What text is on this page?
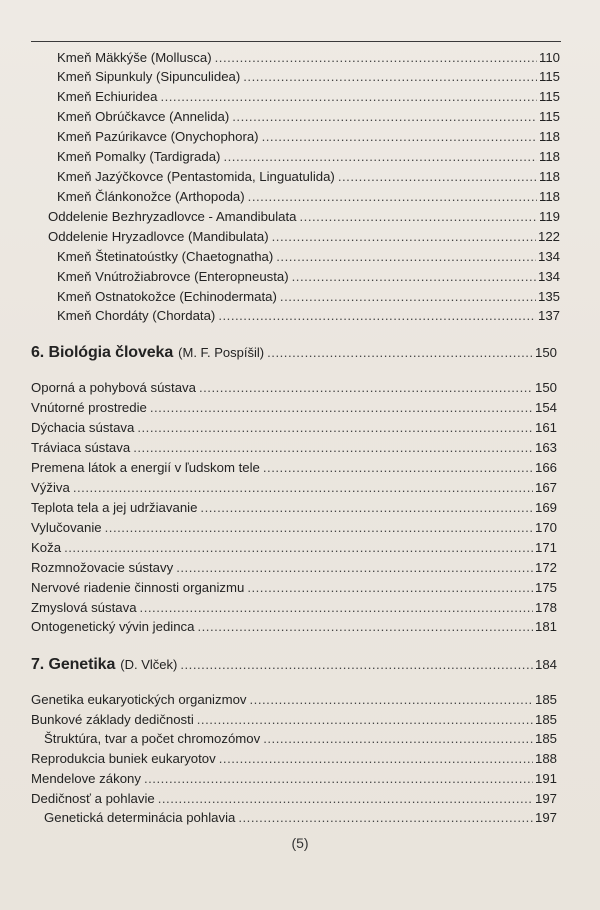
Kmeň Mäkkýše (Mollusca) .....	110
Kmeň Sipunkuly (Sipunculidea) .....	115
Kmeň Echiuridea .....	115
Kmeň Obrúčkavce (Annelida) .....	115
Kmeň Pazúrikavce (Onychophora) .....	118
Kmeň Pomalky (Tardigrada) .....	118
Kmeň Jazýčkovce (Pentastomida, Linguatulida) .....	118
Kmeň Článkonožce (Arthopoda) .....	118
Oddelenie Bezhryzadlovce - Amandibulata .....	119
Oddelenie Hryzadlovce (Mandibulata) .....	122
Kmeň Štetinatoústky (Chaetognatha) .....	134
Kmeň Vnútrožiabrovce (Enteropneusta) .....	134
Kmeň Ostnatokožce (Echinodermata) .....	135
Kmeň Chordáty (Chordata) .....	137
6. Biológia človeka (M. F. Pospíšil) .....	150
Oporná a pohybová sústava .....	150
Vnútorné prostredie .....	154
Dýchacia sústava .....	161
Tráviaca sústava .....	163
Premena látok a energií v ľudskom tele .....	166
Výživa .....	167
Teplota tela a jej udržiavanie .....	169
Vylučovanie .....	170
Koža .....	171
Rozmnožovacie sústavy .....	172
Nervové riadenie činnosti organizmu .....	175
Zmyslová sústava .....	178
Ontogenetický vývin jedinca .....	181
7. Genetika (D. Vlček) .....	184
Genetika eukaryotických organizmov .....	185
Bunkové základy dedičnosti .....	185
Štruktúra, tvar a počet chromozómov .....	185
Reprodukcia buniek eukaryotov .....	188
Mendelove zákony .....	191
Dedičnosť a pohlavie .....	197
Genetická determinácia pohlavia .....	197
(5)
